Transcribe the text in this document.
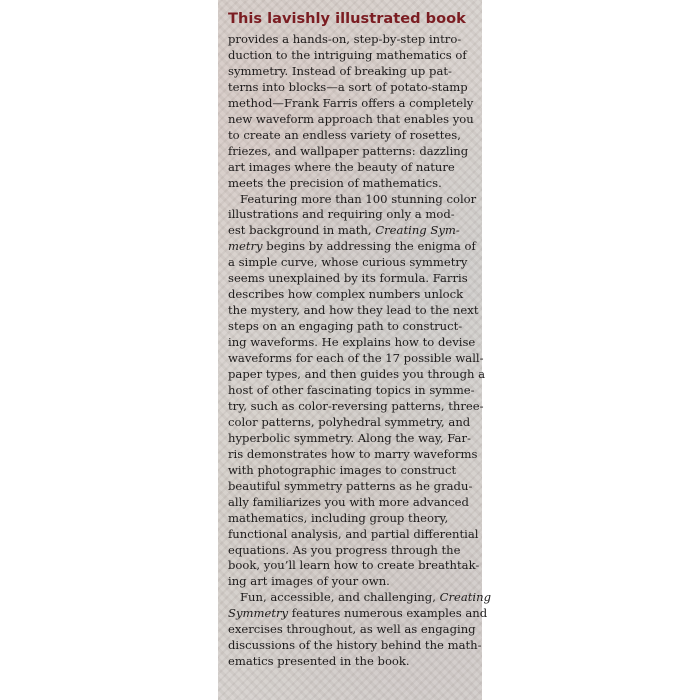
This lavishly illustrated book
provides a hands-on, step-by-step intro-
duction to the intriguing mathematics of
symmetry. Instead of breaking up pat-
terns into blocks—a sort of potato-stamp
method—Frank Farris offers a completely
new waveform approach that enables you
to create an endless variety of rosettes,
friezes, and wallpaper patterns: dazzling
art images where the beauty of nature
meets the precision of mathematics.
Featuring more than 100 stunning color
illustrations and requiring only a mod-
est background in math, Creating Sym-
metry begins by addressing the enigma of
a simple curve, whose curious symmetry
seems unexplained by its formula. Farris
describes how complex numbers unlock
the mystery, and how they lead to the next
steps on an engaging path to construct-
ing waveforms. He explains how to devise
waveforms for each of the 17 possible wall-
paper types, and then guides you through a
host of other fascinating topics in symme-
try, such as color-reversing patterns, three-
color patterns, polyhedral symmetry, and
hyperbolic symmetry. Along the way, Far-
ris demonstrates how to marry waveforms
with photographic images to construct
beautiful symmetry patterns as he gradu-
ally familiarizes you with more advanced
mathematics, including group theory,
functional analysis, and partial differential
equations. As you progress through the
book, you’ll learn how to create breathtak-
ing art images of your own.
Fun, accessible, and challenging, Creating
Symmetry features numerous examples and
exercises throughout, as well as engaging
discussions of the history behind the math-
ematics presented in the book.
